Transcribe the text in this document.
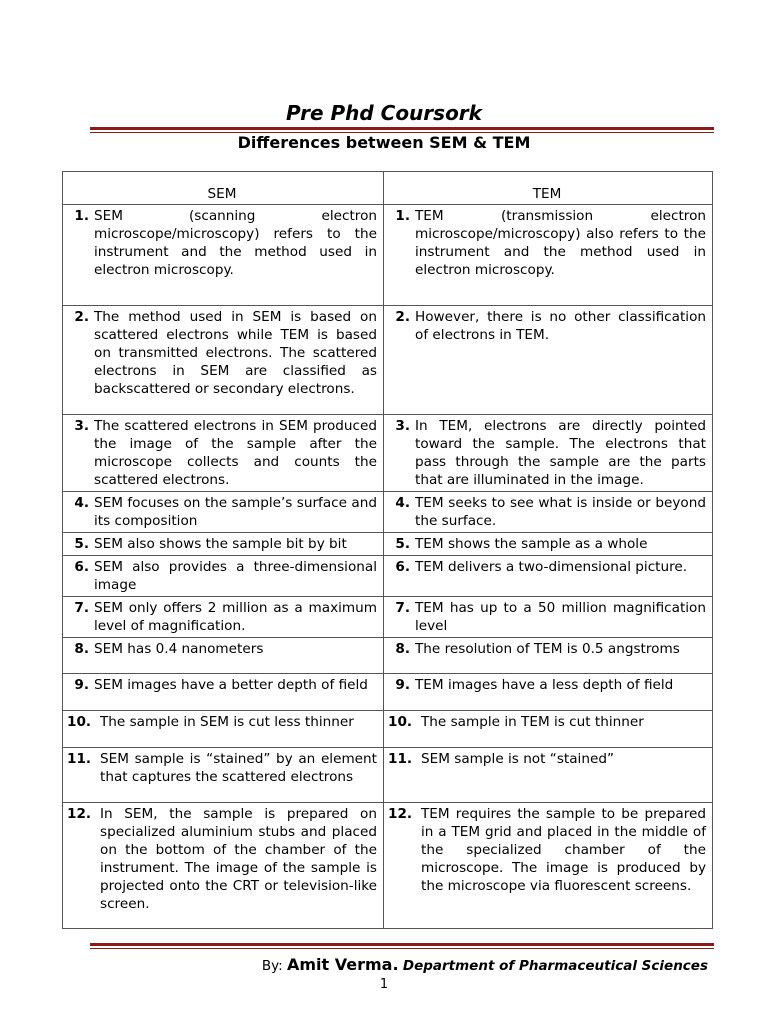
Pre Phd Coursork
Differences between SEM & TEM
SEM	TEM

1. SEM (scanning electron microscope/microscopy) refers to the instrument and the method used in electron microscopy.	1. TEM (transmission electron microscope/microscopy) also refers to the instrument and the method used in electron microscopy.

2. The method used in SEM is based on scattered electrons while TEM is based on transmitted electrons. The scattered electrons in SEM are classified as backscattered or secondary electrons.	2. However, there is no other classification of electrons in TEM.

3. The scattered electrons in SEM produced the image of the sample after the microscope collects and counts the scattered electrons.	3. In TEM, electrons are directly pointed toward the sample. The electrons that pass through the sample are the parts that are illuminated in the image.

4. SEM focuses on the sample’s surface and its composition	4. TEM seeks to see what is inside or beyond the surface.

5. SEM also shows the sample bit by bit	5. TEM shows the sample as a whole

6. SEM also provides a three-dimensional image	6. TEM delivers a two-dimensional picture.

7. SEM only offers 2 million as a maximum level of magnification.	7. TEM has up to a 50 million magnification level

8. SEM has 0.4 nanometers	8. The resolution of TEM is 0.5 angstroms

9. SEM images have a better depth of field	9. TEM images have a less depth of field

10. The sample in SEM is cut less thinner	10. The sample in TEM is cut thinner

11. SEM sample is “stained” by an element that captures the scattered electrons	11. SEM sample is not “stained”

12. In SEM, the sample is prepared on specialized aluminium stubs and placed on the bottom of the chamber of the instrument. The image of the sample is projected onto the CRT or television-like screen.	12. TEM requires the sample to be prepared in a TEM grid and placed in the middle of the specialized chamber of the microscope. The image is produced by the microscope via fluorescent screens.
By: Amit Verma. Department of Pharmaceutical Sciences
1
